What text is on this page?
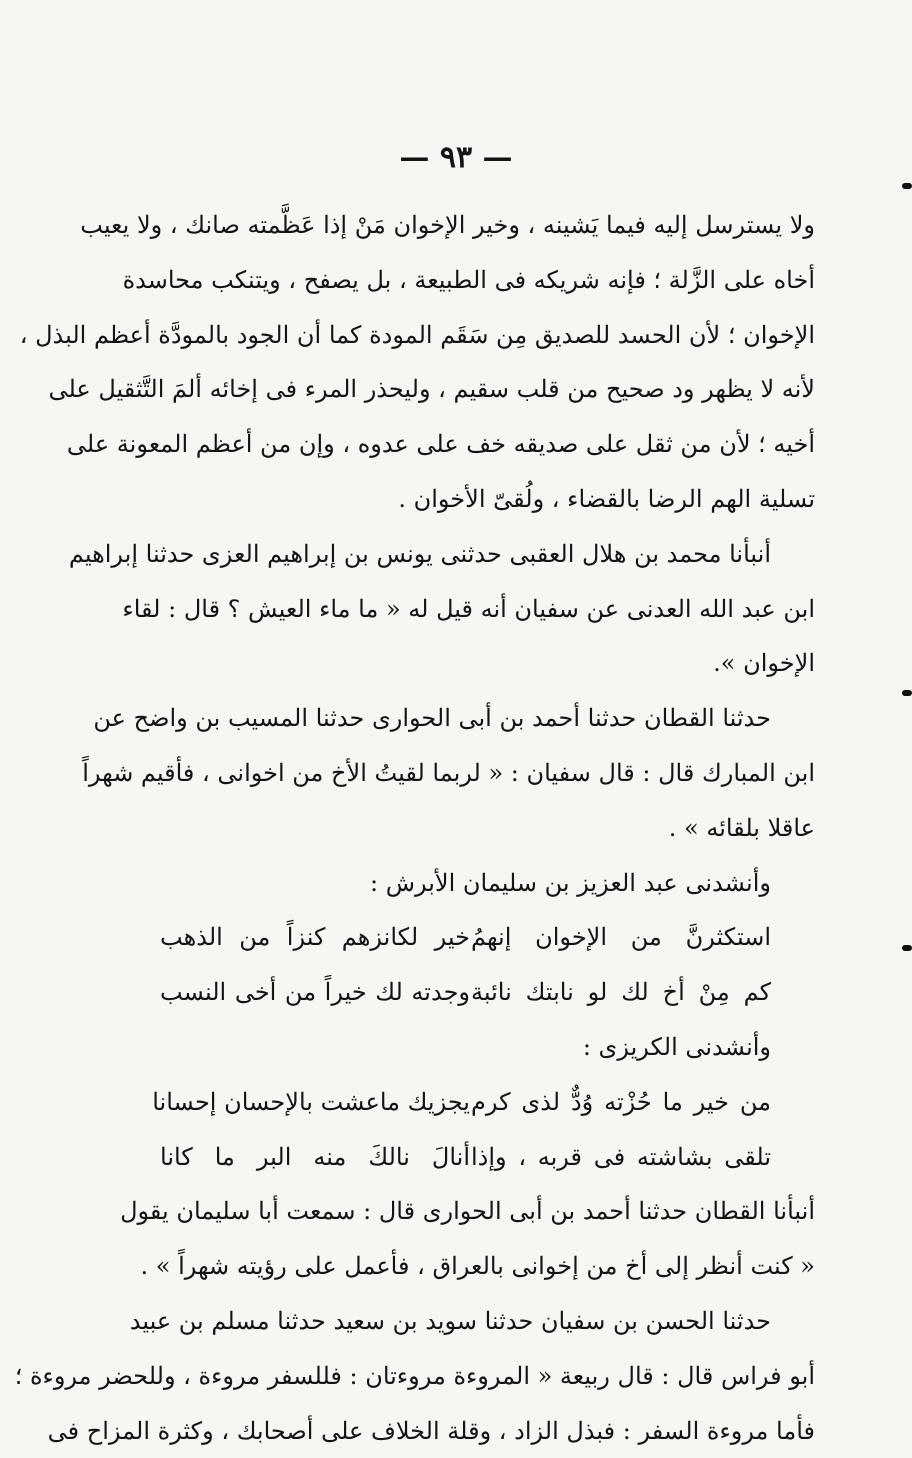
— ٩٣ —
ولا يسترسل إليه فيما يَشينه ، وخير الإخوان مَنْ إذا عَظَّمته صانك ، ولا يعيب
أخاه على الزَّلة ؛ فإنه شريكه فى الطبيعة ، بل يصفح ، ويتنكب محاسدة
الإخوان ؛ لأن الحسد للصديق مِن سَقَم المودة كما أن الجود بالمودَّة أعظم البذل ،
لأنه لا يظهر ود صحيح من قلب سقيم ، وليحذر المرء فى إخائه ألمَ التَّثقيل على
أخيه ؛ لأن من ثقل على صديقه خف على عدوه ، وإن من أعظم المعونة على
تسلية الهم الرضا بالقضاء ، ولُقىّ الأخوان .
أنبأنا محمد بن هلال العقبى حدثنى يونس بن إبراهيم العزى حدثنا إبراهيم
ابن عبد الله العدنى عن سفيان أنه قيل له « ما ماء العيش ؟ قال : لقاء
الإخوان ».
حدثنا القطان حدثنا أحمد بن أبى الحوارى حدثنا المسيب بن واضح عن
ابن المبارك قال : قال سفيان : « لربما لقيتُ الأخ من اخوانى ، فأقيم شهراً
عاقلا بلقائه » .
وأنشدنى عبد العزيز بن سليمان الأبرش :
استكثرنَّ من الإخوان إنهمُ
خير لكانزهم كنزاً من الذهب
كم مِنْ أخ لك لو نابتك نائبة
وجدته لك خيراً من أخى النسب
وأنشدنى الكريزى :
من خير ما حُزْته وُدٌّ لذى كرم
يجزيك ماعشت بالإحسان إحسانا
تلقى بشاشته فى قربه ، وإذا
أنالَ نالكَ منه البر ما كانا
أنبأنا القطان حدثنا أحمد بن أبى الحوارى قال : سمعت أبا سليمان يقول
« كنت أنظر إلى أخ من إخوانى بالعراق ، فأعمل على رؤيته شهراً » .
حدثنا الحسن بن سفيان حدثنا سويد بن سعيد حدثنا مسلم بن عبيد
أبو فراس قال : قال ربيعة « المروءة مروءتان : فللسفر مروءة ، وللحضر مروءة ؛
فأما مروءة السفر : فبذل الزاد ، وقلة الخلاف على أصحابك ، وكثرة المزاح فى
